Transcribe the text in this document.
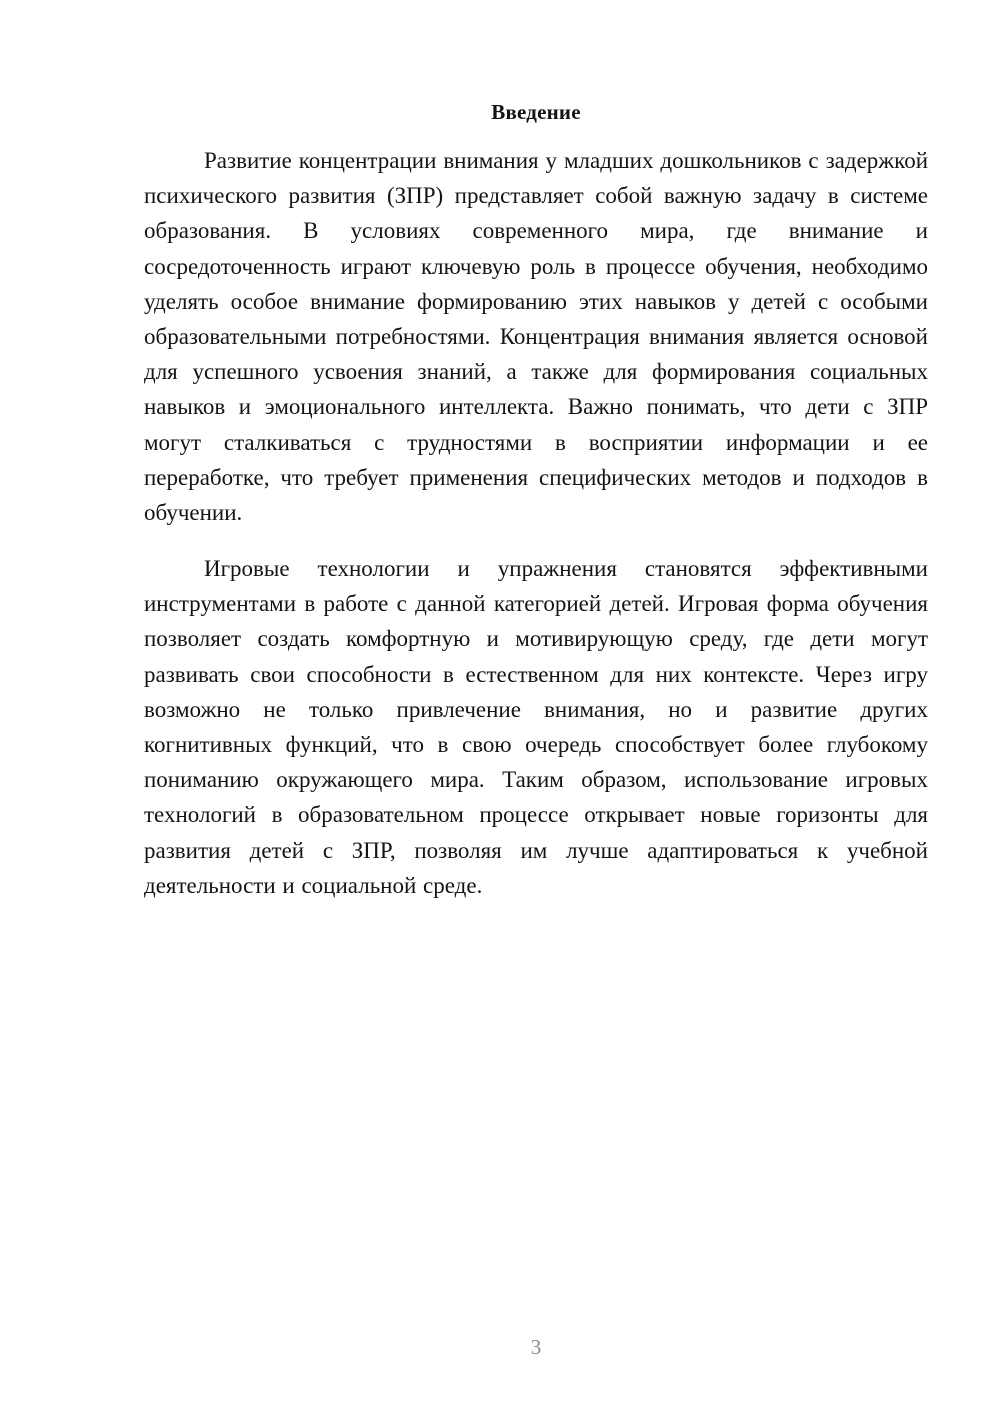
Введение

Развитие концентрации внимания у младших дошкольников с задержкой психического развития (ЗПР) представляет собой важную задачу в системе образования. В условиях современного мира, где внимание и сосредоточенность играют ключевую роль в процессе обучения, необходимо уделять особое внимание формированию этих навыков у детей с особыми образовательными потребностями. Концентрация внимания является основой для успешного усвоения знаний, а также для формирования социальных навыков и эмоционального интеллекта. Важно понимать, что дети с ЗПР могут сталкиваться с трудностями в восприятии информации и ее переработке, что требует применения специфических методов и подходов в обучении.

Игровые технологии и упражнения становятся эффективными инструментами в работе с данной категорией детей. Игровая форма обучения позволяет создать комфортную и мотивирующую среду, где дети могут развивать свои способности в естественном для них контексте. Через игру возможно не только привлечение внимания, но и развитие других когнитивных функций, что в свою очередь способствует более глубокому пониманию окружающего мира. Таким образом, использование игровых технологий в образовательном процессе открывает новые горизонты для развития детей с ЗПР, позволяя им лучше адаптироваться к учебной деятельности и социальной среде.

3
